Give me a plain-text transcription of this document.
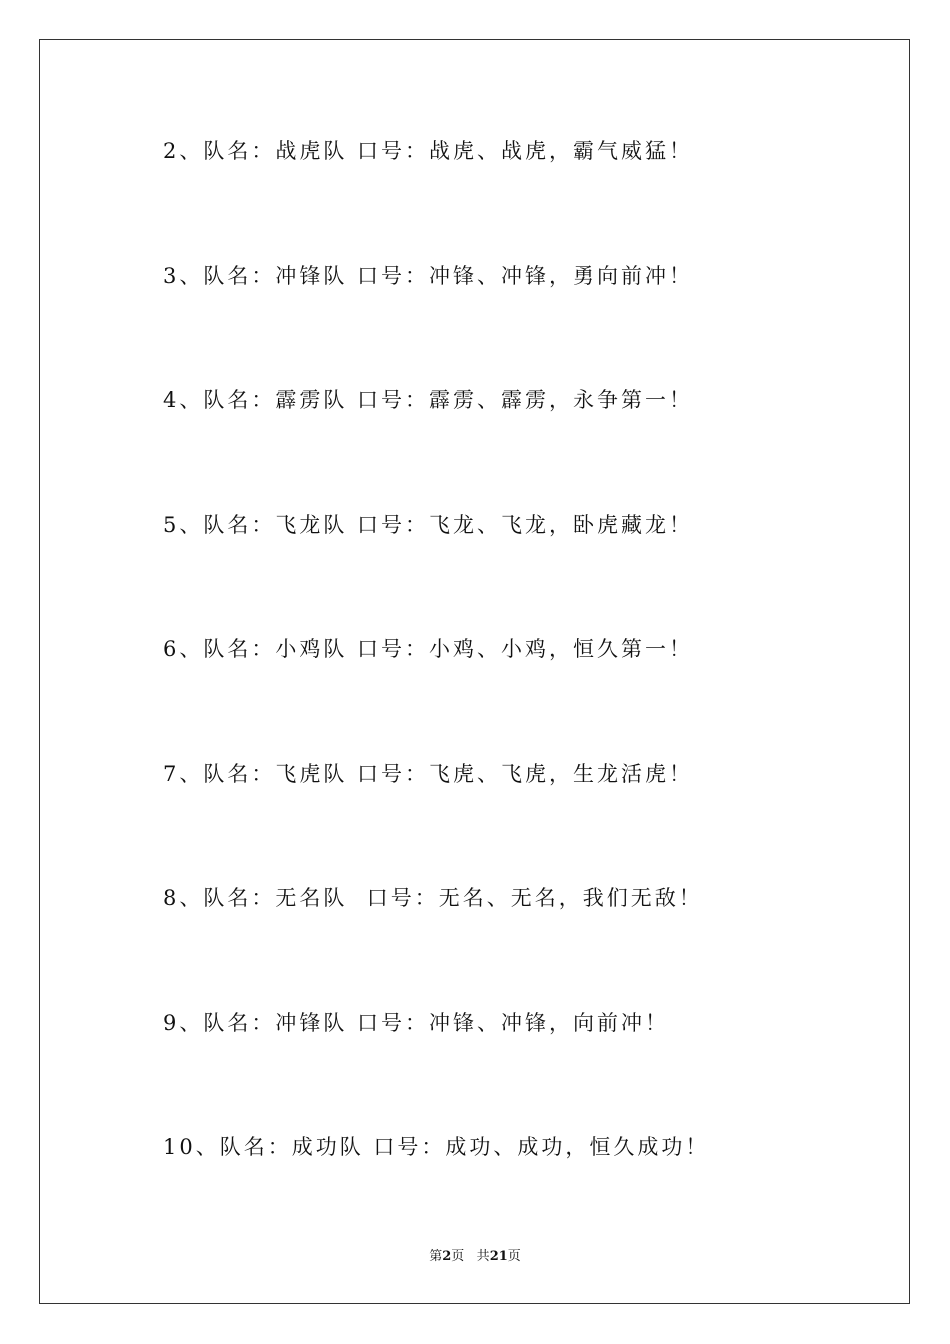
2、队名：战虎队 口号：战虎、战虎，霸气威猛！
3、队名：冲锋队 口号：冲锋、冲锋，勇向前冲！
4、队名：霹雳队 口号：霹雳、霹雳，永争第一！
5、队名：飞龙队 口号：飞龙、飞龙，卧虎藏龙！
6、队名：小鸡队 口号：小鸡、小鸡，恒久第一！
7、队名：飞虎队 口号：飞虎、飞虎，生龙活虎！
8、队名：无名队  口号：无名、无名，我们无敌！
9、队名：冲锋队 口号：冲锋、冲锋，向前冲！
10、队名：成功队 口号：成功、成功，恒久成功！
第2页 共21页
